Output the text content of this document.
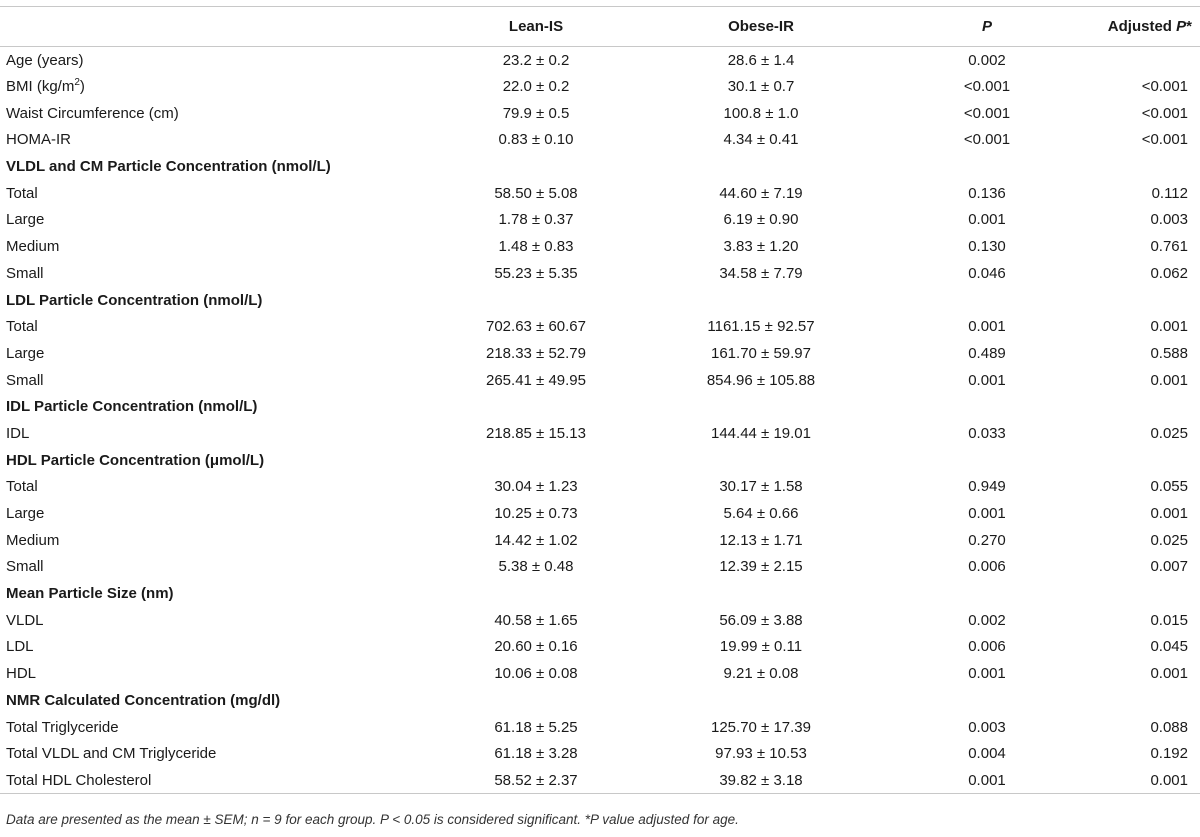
	Lean-IS	Obese-IR	P	Adjusted P*
Age (years)	23.2 ± 0.2	28.6 ± 1.4	0.002	
BMI $(kg/m^2)$	22.0 ± 0.2	30.1 ± 0.7	<0.001	<0.001
Waist Circumference (cm)	79.9 ± 0.5	100.8 ± 1.0	<0.001	<0.001
HOMA-IR	0.83 ± 0.10	4.34 ± 0.41	<0.001	<0.001
VLDL and CM Particle Concentration (nmol/L)				
Total	58.50 ± 5.08	44.60 ± 7.19	0.136	0.112
Large	1.78 ± 0.37	6.19 ± 0.90	0.001	0.003
Medium	1.48 ± 0.83	3.83 ± 1.20	0.130	0.761
Small	55.23 ± 5.35	34.58 ± 7.79	0.046	0.062
LDL Particle Concentration (nmol/L)				
Total	702.63 ± 60.67	1161.15 ± 92.57	0.001	0.001
Large	218.33 ± 52.79	161.70 ± 59.97	0.489	0.588
Small	265.41 ± 49.95	854.96 ± 105.88	0.001	0.001
IDL Particle Concentration (nmol/L)				
IDL	218.85 ± 15.13	144.44 ± 19.01	0.033	0.025
HDL Particle Concentration (μmol/L)				
Total	30.04 ± 1.23	30.17 ± 1.58	0.949	0.055
Large	10.25 ± 0.73	5.64 ± 0.66	0.001	0.001
Medium	14.42 ± 1.02	12.13 ± 1.71	0.270	0.025
Small	5.38 ± 0.48	12.39 ± 2.15	0.006	0.007
Mean Particle Size (nm)				
VLDL	40.58 ± 1.65	56.09 ± 3.88	0.002	0.015
LDL	20.60 ± 0.16	19.99 ± 0.11	0.006	0.045
HDL	10.06 ± 0.08	9.21 ± 0.08	0.001	0.001
NMR Calculated Concentration (mg/dl)				
Total Triglyceride	61.18 ± 5.25	125.70 ± 17.39	0.003	0.088
Total VLDL and CM Triglyceride	61.18 ± 3.28	97.93 ± 10.53	0.004	0.192
Total HDL Cholesterol	58.52 ± 2.37	39.82 ± 3.18	0.001	0.001
Data are presented as the mean ± SEM; n = 9 for each group. P < 0.05 is considered significant. *P value adjusted for age.
